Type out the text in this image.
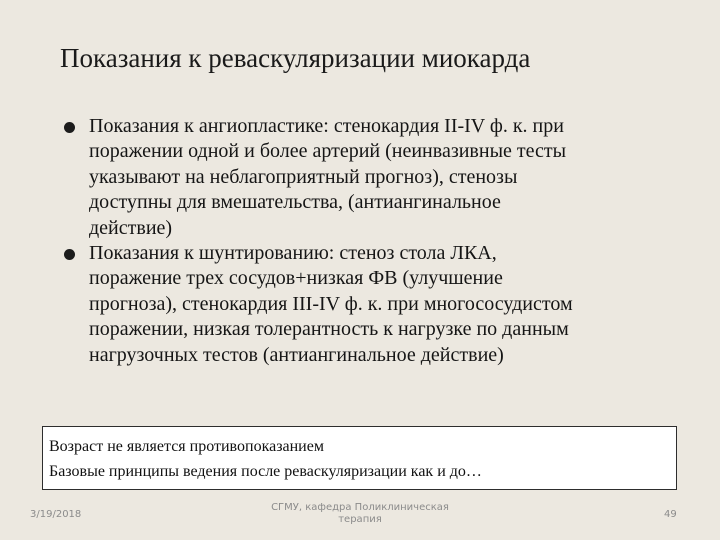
Показания к реваскуляризации миокарда
Показания к ангиопластике: стенокардия II-IV ф. к. при
поражении одной и более артерий (неинвазивные тесты
указывают на неблагоприятный прогноз), стенозы
доступны для вмешательства, (антиангинальное
действие)
Показания к шунтированию: стеноз стола ЛКА,
поражение трех сосудов+низкая ФВ (улучшение
прогноза), стенокардия III-IV ф. к. при многососудистом
поражении, низкая толерантность к нагрузке по данным
нагрузочных тестов (антиангинальное действие)
Возраст не является противопоказанием
Базовые принципы ведения после реваскуляризации как и до…
3/19/2018
СГМУ, кафедра Поликлиническая
терапия	49
